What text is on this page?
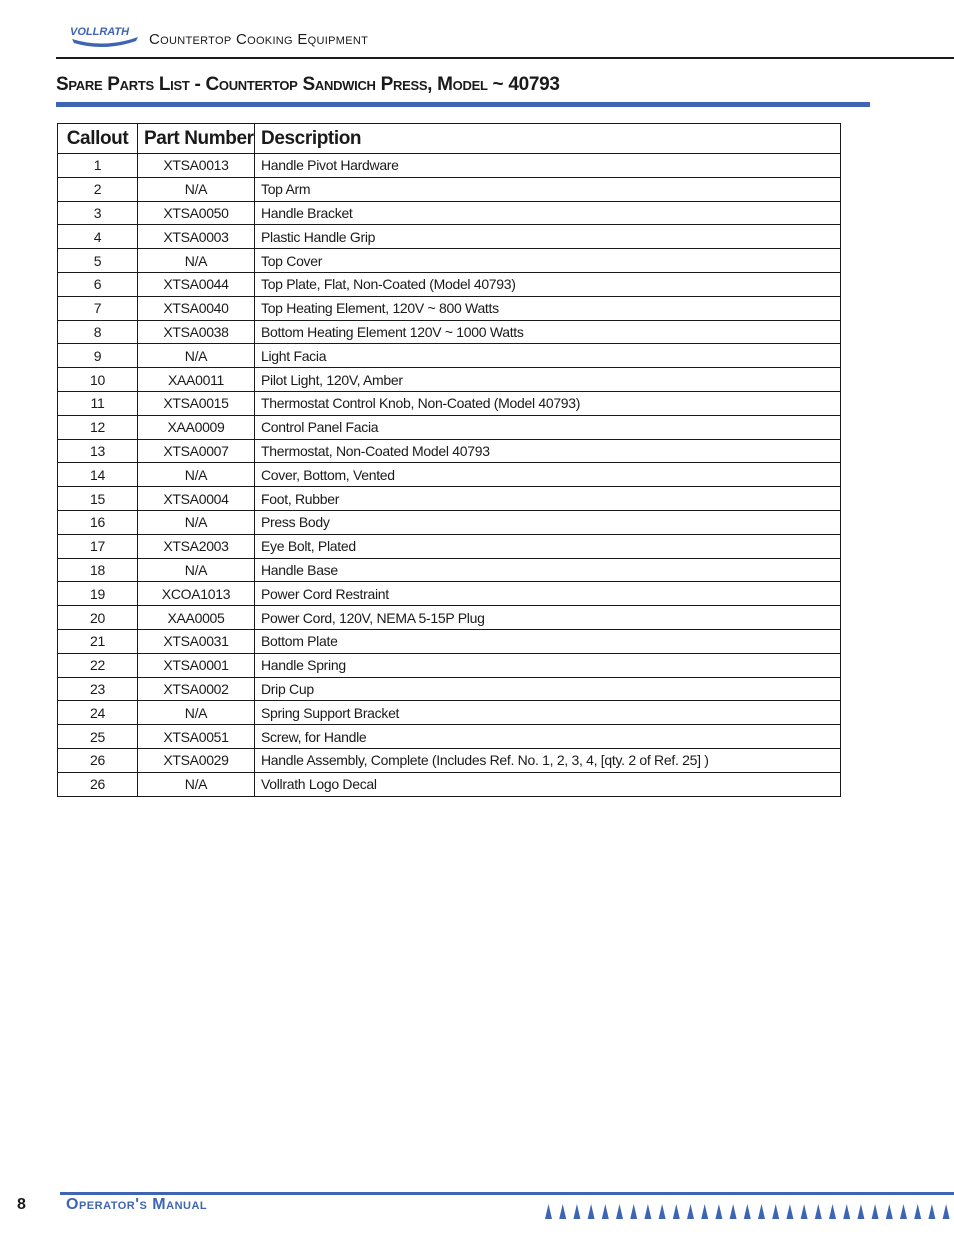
VOLLRATH Countertop Cooking Equipment
Spare Parts List - Countertop Sandwich Press, Model ~ 40793
Callout	Part Number	Description
1	XTSA0013	Handle Pivot Hardware
2	N/A	Top Arm
3	XTSA0050	Handle Bracket
4	XTSA0003	Plastic Handle Grip
5	N/A	Top Cover
6	XTSA0044	Top Plate, Flat, Non-Coated (Model 40793)
7	XTSA0040	Top Heating Element, 120V ~ 800 Watts
8	XTSA0038	Bottom Heating Element 120V ~ 1000 Watts
9	N/A	Light Facia
10	XAA0011	Pilot Light, 120V, Amber
11	XTSA0015	Thermostat Control Knob, Non-Coated (Model 40793)
12	XAA0009	Control Panel Facia
13	XTSA0007	Thermostat, Non-Coated Model 40793
14	N/A	Cover, Bottom, Vented
15	XTSA0004	Foot, Rubber
16	N/A	Press Body
17	XTSA2003	Eye Bolt, Plated
18	N/A	Handle Base
19	XCOA1013	Power Cord Restraint
20	XAA0005	Power Cord, 120V, NEMA 5-15P Plug
21	XTSA0031	Bottom Plate
22	XTSA0001	Handle Spring
23	XTSA0002	Drip Cup
24	N/A	Spring Support Bracket
25	XTSA0051	Screw, for Handle
26	XTSA0029	Handle Assembly, Complete (Includes Ref. No. 1, 2, 3, 4, [qty. 2 of Ref. 25] )
26	N/A	Vollrath Logo Decal
8	Operator's Manual
